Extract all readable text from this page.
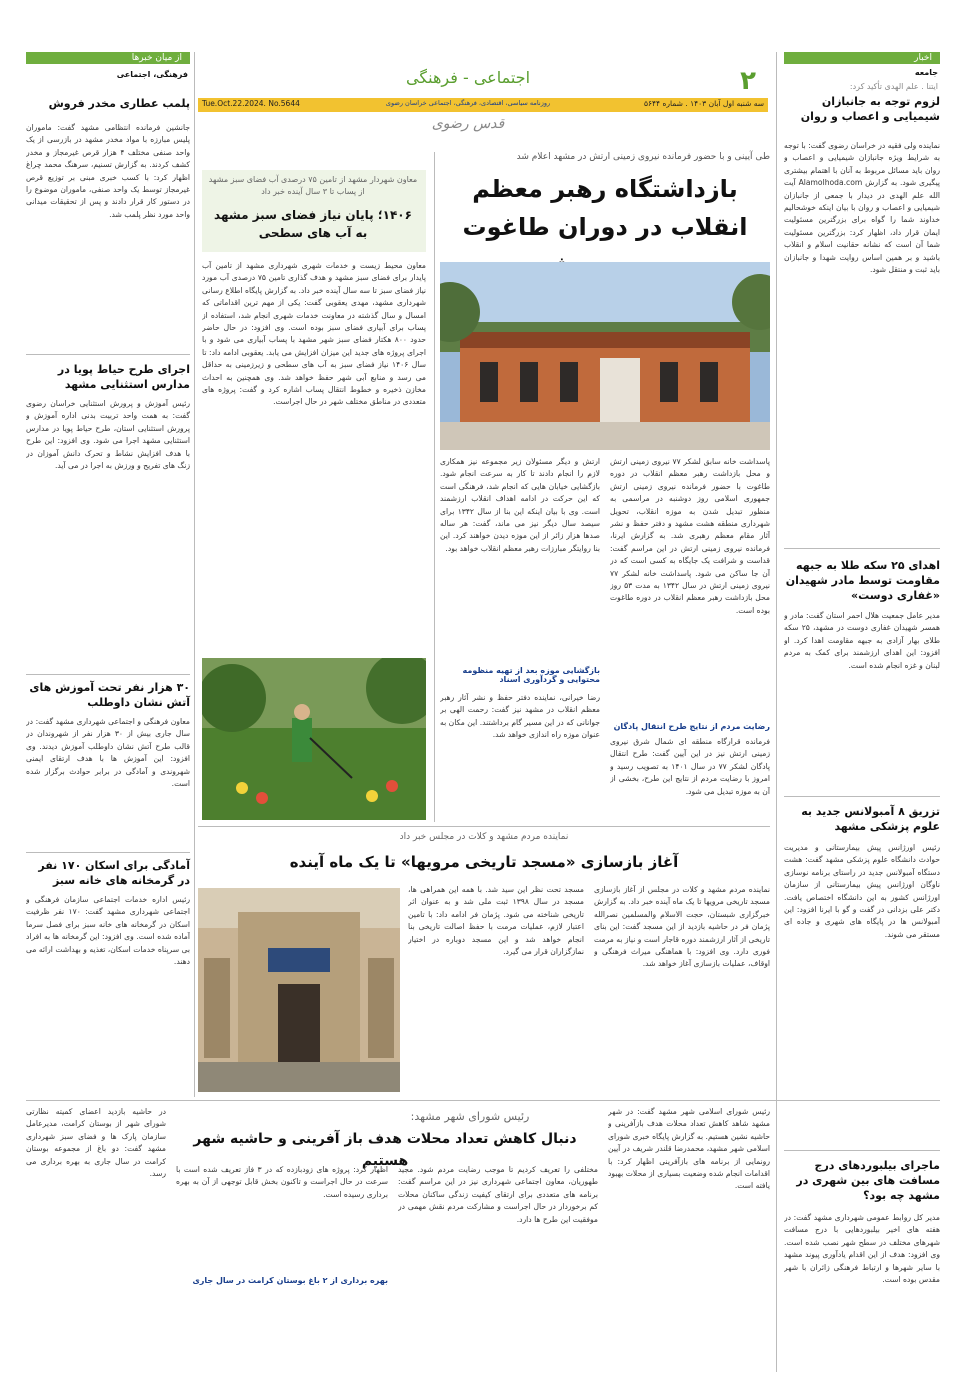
۲
اجتماعی - فرهنگی
سه شنبه اول آبان ۱۴۰۳ . شماره ۵۶۴۴
روزنامه سیاسی، اقتصادی، فرهنگی، اجتماعی خراسان رضوی
Tue.Oct.22.2024. No.5644
قدس رضوی
اخبار
جامعه
ایتنا . علم الهدی تأکید کرد:
لزوم توجه به جانبازان شیمیایی و اعصاب و روان
نماینده ولی فقیه در خراسان رضوی گفت: با توجه به شرایط ویژه جانبازان شیمیایی و اعصاب و روان باید مسائل مربوط به آنان با اهتمام بیشتری پیگیری شود. به گزارش Alamolhoda.com آیت الله علم الهدی در دیدار با جمعی از جانبازان شیمیایی و اعصاب و روان با بیان اینکه خوشحالیم خداوند شما را گواه برای بزرگترین مسئولیت ایمان قرار داد، اظهار کرد: بزرگترین مسئولیت شما آن است که نشانه حقانیت اسلام و انقلاب باشید و بر همین اساس روایت شهدا و جانبازان باید ثبت و منتقل شود.
اهدای ۲۵ سکه طلا به جبهه مقاومت توسط مادر شهیدان «غفاری دوست»
مدیر عامل جمعیت هلال احمر استان گفت: مادر و همسر شهیدان غفاری دوست در مشهد، ۲۵ سکه طلای بهار آزادی به جبهه مقاومت اهدا کرد. او افزود: این اهدای ارزشمند برای کمک به مردم لبنان و غزه انجام شده است.
تزریق ۸ آمبولانس جدید به علوم پزشکی مشهد
رئیس اورژانس پیش بیمارستانی و مدیریت حوادث دانشگاه علوم پزشکی مشهد گفت: هشت دستگاه آمبولانس جدید در راستای برنامه نوسازی ناوگان اورژانس پیش بیمارستانی از سازمان اورژانس کشور به این دانشگاه اختصاص یافت. دکتر علی بزدانی در گفت و گو با ایرنا افزود: این آمبولانس ها در پایگاه های شهری و جاده ای مستقر می شوند.
ماجرای بیلبوردهای درج مسافت های بین شهری در مشهد چه بود؟
مدیر کل روابط عمومی شهرداری مشهد گفت: در هفته های اخیر بیلبوردهایی با درج مسافت شهرهای مختلف در سطح شهر نصب شده است. وی افزود: هدف از این اقدام یادآوری پیوند مشهد با سایر شهرها و ارتباط فرهنگی زائران با شهر مقدس بوده است.
طی آیینی و با حضور فرمانده نیروی زمینی ارتش در مشهد اعلام شد
بازداشتگاه رهبر معظم انقلاب در دوران طاغوت
پاسداشت خانه سابق لشکر ۷۷ نیروی زمینی ارتش و محل بازداشت رهبر معظم انقلاب در دوره طاغوت با حضور فرمانده نیروی زمینی ارتش جمهوری اسلامی روز دوشنبه در مراسمی به منظور تبدیل شدن به موزه انقلاب، تحویل شهرداری منطقه هشت مشهد و دفتر حفظ و نشر آثار مقام معظم رهبری شد. به گزارش ایرنا، فرمانده نیروی زمینی ارتش در این مراسم گفت: قداست و شرافت یک جایگاه به کسی است که در آن جا ساکن می شود. پاسداشت خانه لشکر ۷۷ نیروی زمینی ارتش در سال ۱۳۴۲ به مدت ۵۳ روز محل بازداشت رهبر معظم انقلاب در دوره طاغوت بوده است.
رضایت مردم از نتایج طرح انتقال پادگان
فرمانده قرارگاه منطقه ای شمال شرق نیروی زمینی ارتش نیز در این آیین گفت: طرح انتقال پادگان لشکر ۷۷ در سال ۱۴۰۱ به تصویب رسید و امروز با رضایت مردم از نتایج این طرح، بخشی از آن به موزه تبدیل می شود.
ارتش و دیگر مسئولان زیر مجموعه نیز همکاری لازم را انجام دادند تا کار به سرعت انجام شود. بازگشایی خیابان هایی که انجام شد، فرهنگی است که این حرکت در ادامه اهداف انقلاب ارزشمند است. وی با بیان اینکه این بنا از سال ۱۳۴۲ برای سیصد سال دیگر نیز می ماند، گفت: هر ساله صدها هزار زائر از این موزه دیدن خواهند کرد. این بنا روایتگر مبارزات رهبر معظم انقلاب خواهد بود.
بازگشایی موزه بعد از تهیه منظومه محتوایی و گردآوری اسناد
رضا خیرانی، نماینده دفتر حفظ و نشر آثار رهبر معظم انقلاب در مشهد نیز گفت: رحمت الهی بر جوانانی که در این مسیر گام برداشتند. این مکان به عنوان موزه راه اندازی خواهد شد.
معاون شهردار مشهد از تامین ۷۵ درصدی آب فضای سبز مشهد از پساب تا ۳ سال آینده خبر داد
۱۴۰۶؛ پایان نیاز فضای سبز مشهد به آب های سطحی
معاون محیط زیست و خدمات شهری شهرداری مشهد از تامین آب پایدار برای فضای سبز مشهد و هدف گذاری تامین ۷۵ درصدی آب مورد نیاز فضای سبز تا سه سال آینده خبر داد. به گزارش پایگاه اطلاع رسانی شهرداری مشهد، مهدی یعقوبی گفت: یکی از مهم ترین اقداماتی که امسال و سال گذشته در معاونت خدمات شهری انجام شد، استفاده از پساب برای آبیاری فضای سبز بوده است. وی افزود: در حال حاضر حدود ۸۰۰ هکتار فضای سبز شهر مشهد با پساب آبیاری می شود و با اجرای پروژه های جدید این میزان افزایش می یابد. یعقوبی ادامه داد: تا سال ۱۴۰۶ نیاز فضای سبز به آب های سطحی و زیرزمینی به حداقل می رسد و منابع آبی شهر حفظ خواهد شد. وی همچنین به احداث مخازن ذخیره و خطوط انتقال پساب اشاره کرد و گفت: پروژه های متعددی در مناطق مختلف شهر در حال اجراست.
از میان خبرها
فرهنگی، اجتماعی
پلمب عطاری مخدر فروش
جانشین فرمانده انتظامی مشهد گفت: ماموران پلیس مبارزه با مواد مخدر مشهد در بازرسی از یک واحد صنفی مختلف ۴ هزار قرص غیرمجاز و مخدر کشف کردند. به گزارش تسنیم، سرهنگ محمد چراغ اظهار کرد: با کسب خبری مبنی بر توزیع قرص غیرمجاز توسط یک واحد صنفی، ماموران موضوع را در دستور کار قرار دادند و پس از تحقیقات میدانی واحد مورد نظر پلمب شد.
اجرای طرح حیاط پویا در مدارس استثنایی مشهد
رئیس آموزش و پرورش استثنایی خراسان رضوی گفت: به همت واحد تربیت بدنی اداره آموزش و پرورش استثنایی استان، طرح حیاط پویا در مدارس استثنایی مشهد اجرا می شود. وی افزود: این طرح با هدف افزایش نشاط و تحرک دانش آموزان در زنگ های تفریح و ورزش به اجرا در می آید.
۳۰ هزار نفر تحت آموزش های آتش نشان داوطلب
معاون فرهنگی و اجتماعی شهرداری مشهد گفت: در سال جاری بیش از ۳۰ هزار نفر از شهروندان در قالب طرح آتش نشان داوطلب آموزش دیدند. وی افزود: این آموزش ها با هدف ارتقای ایمنی شهروندی و آمادگی در برابر حوادث برگزار شده است.
آمادگی برای اسکان ۱۷۰ نفر در گرمخانه های خانه سبز
رئیس اداره خدمات اجتماعی سازمان فرهنگی و اجتماعی شهرداری مشهد گفت: ۱۷۰ نفر ظرفیت اسکان در گرمخانه های خانه سبز برای فصل سرما آماده شده است. وی افزود: این گرمخانه ها به افراد بی سرپناه خدمات اسکان، تغذیه و بهداشت ارائه می دهند.
نماینده مردم مشهد و کلات در مجلس خبر داد
آغاز بازسازی «مسجد تاریخی مرویها» تا یک ماه آینده
نماینده مردم مشهد و کلات در مجلس از آغاز بازسازی مسجد تاریخی مرویها تا یک ماه آینده خبر داد. به گزارش خبرگزاری شبستان، حجت الاسلام والمسلمین نصرالله پژمان فر در حاشیه بازدید از این مسجد گفت: این بنای تاریخی از آثار ارزشمند دوره قاجار است و نیاز به مرمت فوری دارد. وی افزود: با هماهنگی میراث فرهنگی و اوقاف، عملیات بازسازی آغاز خواهد شد.
مسجد تحت نظر این سید شد. با همه این همراهی ها، مسجد در سال ۱۳۹۸ ثبت ملی شد و به عنوان اثر تاریخی شناخته می شود. پژمان فر ادامه داد: با تامین اعتبار لازم، عملیات مرمت با حفظ اصالت تاریخی بنا انجام خواهد شد و این مسجد دوباره در اختیار نمازگزاران قرار می گیرد.
رئیس شورای شهر مشهد:
دنبال کاهش تعداد محلات هدف باز آفرینی و حاشیه شهر هستیم
رئیس شورای اسلامی شهر مشهد گفت: در شهر مشهد شاهد کاهش تعداد محلات هدف بازآفرینی و حاشیه نشین هستیم. به گزارش پایگاه خبری شورای اسلامی شهر مشهد، محمدرضا قلندر شریف در آیین رونمایی از برنامه های بازآفرینی اظهار کرد: با اقدامات انجام شده وضعیت بسیاری از محلات بهبود یافته است.
مختلفی را تعریف کردیم تا موجب رضایت مردم شود. مجید طهوریان، معاون اجتماعی شهرداری نیز در این مراسم گفت: برنامه های متعددی برای ارتقای کیفیت زندگی ساکنان محلات کم برخوردار در حال اجراست و مشارکت مردم نقش مهمی در موفقیت این طرح ها دارد.
اظهار کرد: پروژه های زودبازده که در ۳ فاز تعریف شده است با سرعت در حال اجراست و تاکنون بخش قابل توجهی از آن به بهره برداری رسیده است.
بهره برداری از ۲ باغ بوستان کرامت در سال جاری
در حاشیه بازدید اعضای کمیته نظارتی شورای شهر از بوستان کرامت، مدیرعامل سازمان پارک ها و فضای سبز شهرداری مشهد گفت: دو باغ از مجموعه بوستان کرامت در سال جاری به بهره برداری می رسد.
